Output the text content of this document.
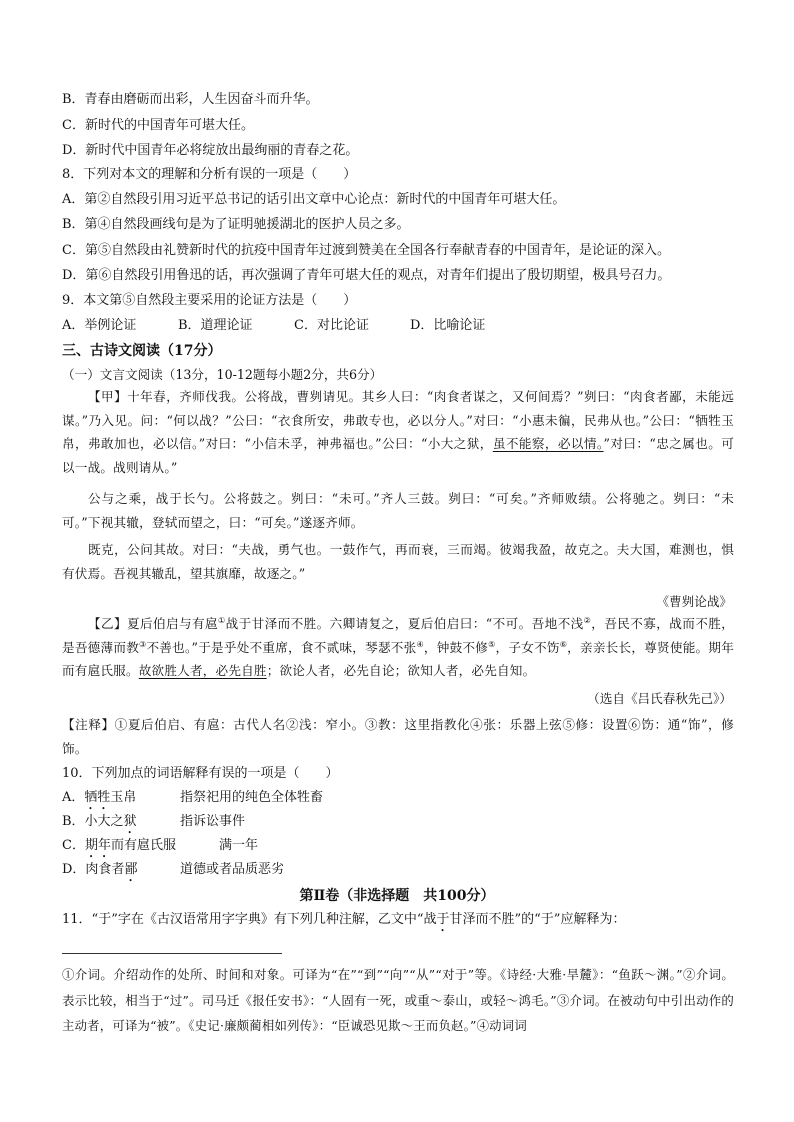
B．青春由磨砺而出彩，人生因奋斗而升华。
C．新时代的中国青年可堪大任。
D．新时代中国青年必将绽放出最绚丽的青春之花。
8．下列对本文的理解和分析有误的一项是（　　）
A．第②自然段引用习近平总书记的话引出文章中心论点：新时代的中国青年可堪大任。
B．第④自然段画线句是为了证明驰援湖北的医护人员之多。
C．第⑤自然段由礼赞新时代的抗疫中国青年过渡到赞美在全国各行奉献青春的中国青年，是论证的深入。
D．第⑥自然段引用鲁迅的话，再次强调了青年可堪大任的观点，对青年们提出了殷切期望，极具号召力。
9．本文第⑤自然段主要采用的论证方法是（　　）
A．举例论证	B．道理论证	C．对比论证	D．比喻论证
三、古诗文阅读（17分）
（一）文言文阅读（13分，10-12题每小题2分，共6分）
【甲】十年春，齐师伐我。公将战，曹刿请见。其乡人曰：“肉食者谋之，又何间焉？”刿曰：“肉食者鄙，未能远谋。”乃入见。问：“何以战？”公曰：“衣食所安，弗敢专也，必以分人。”对曰：“小惠未徧，民弗从也。”公曰：“牺牲玉帛，弗敢加也，必以信。”对曰：“小信未孚，神弗福也。”公曰：“小大之狱，虽不能察，必以情。”对曰：“忠之属也。可以一战。战则请从。”
公与之乘，战于长勺。公将鼓之。刿曰：“未可。”齐人三鼓。刿曰：“可矣。”齐师败绩。公将驰之。刿曰：“未可。”下视其辙，登轼而望之，曰：“可矣。”遂逐齐师。
既克，公问其故。对曰：“夫战，勇气也。一鼓作气，再而衰，三而竭。彼竭我盈，故克之。夫大国，难测也，惧有伏焉。吾视其辙乱，望其旗靡，故逐之。”
《曹刿论战》
【乙】夏后伯启与有扈①战于甘泽而不胜。六卿请复之，夏后伯启曰：“不可。吾地不浅②，吾民不寡，战而不胜，是吾德薄而教③不善也。”于是乎处不重席，食不贰味，琴瑟不张④，钟鼓不修⑤，子女不饬⑥，亲亲长长，尊贤使能。期年而有扈氏服。故欲胜人者，必先自胜；欲论人者，必先自论；欲知人者，必先自知。
（选自《吕氏春秋先己》）
【注释】①夏后伯启、有扈：古代人名②浅：窄小。③教：这里指教化④张：乐器上弦⑤修：设置⑥饬：通“饰”，修饰。
10．下列加点的词语解释有误的一项是（　　）
A．牺牲玉帛	指祭祀用的纯色全体牲畜
B．小大之狱	指诉讼事件
C．期年而有扈氏服	满一年
D．肉食者鄙	道德或者品质恶劣
第Ⅱ卷（非选择题　共100分）
11．“于”字在《古汉语常用字字典》有下列几种注解，乙文中“战于甘泽而不胜”的“于”应解释为：
①介词。介绍动作的处所、时间和对象。可译为“在”“到”“向”“从”“对于”等。《诗经·大雅·旱麓》：“鱼跃～渊。”②介词。表示比较，相当于“过”。司马迁《报任安书》：“人固有一死，或重～泰山，或轻～鸿毛。”③介词。在被动句中引出动作的主动者，可译为“被”。《史记·廉颇蔺相如列传》：“臣诚恐见欺～王而负赵。”④动词词
